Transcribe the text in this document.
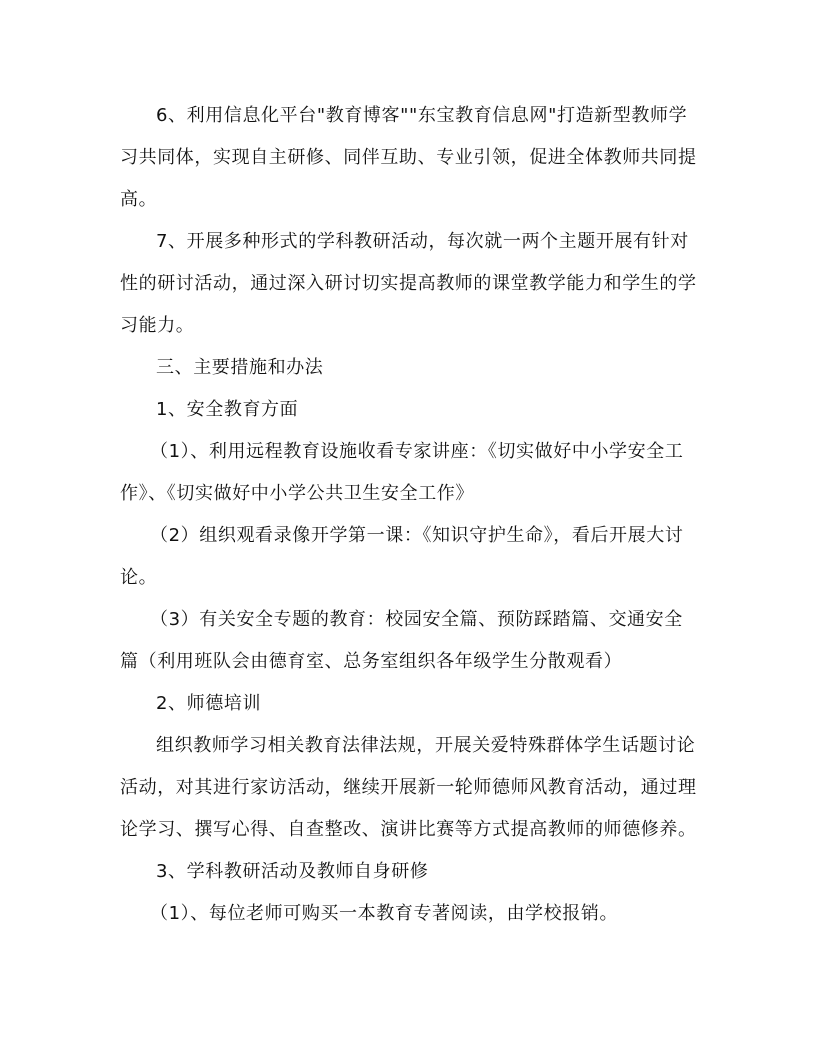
6、利用信息化平台"教育博客""东宝教育信息网"打造新型教师学
习共同体，实现自主研修、同伴互助、专业引领，促进全体教师共同提
高。
7、开展多种形式的学科教研活动，每次就一两个主题开展有针对
性的研讨活动，通过深入研讨切实提高教师的课堂教学能力和学生的学
习能力。
三、主要措施和办法
1、安全教育方面
（1）、利用远程教育设施收看专家讲座：《切实做好中小学安全工
作》、《切实做好中小学公共卫生安全工作》
（2）组织观看录像开学第一课：《知识守护生命》，看后开展大讨
论。
（3）有关安全专题的教育：校园安全篇、预防踩踏篇、交通安全
篇（利用班队会由德育室、总务室组织各年级学生分散观看）
2、师德培训
组织教师学习相关教育法律法规，开展关爱特殊群体学生话题讨论
活动，对其进行家访活动，继续开展新一轮师德师风教育活动，通过理
论学习、撰写心得、自查整改、演讲比赛等方式提高教师的师德修养。
3、学科教研活动及教师自身研修
（1）、每位老师可购买一本教育专著阅读，由学校报销。
